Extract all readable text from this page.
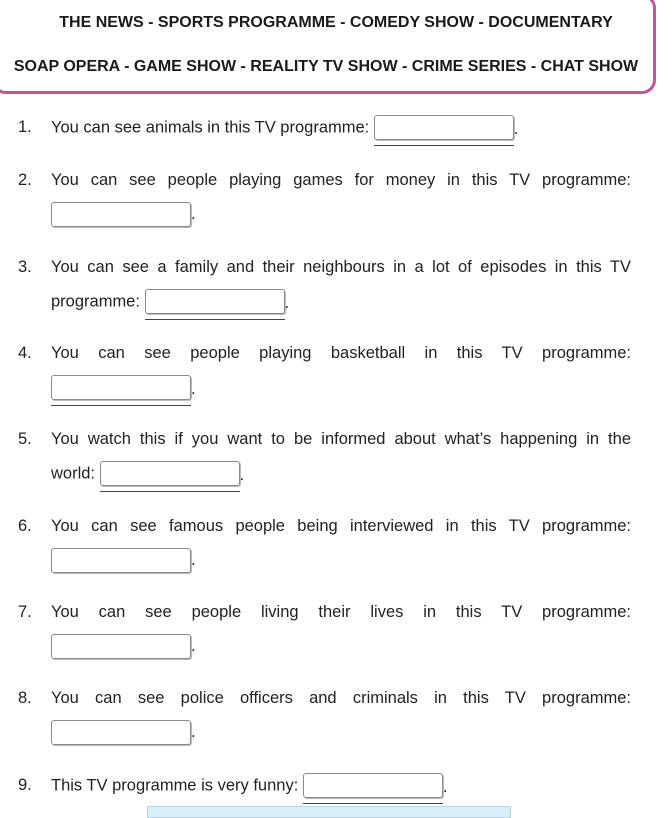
THE NEWS - SPORTS PROGRAMME - COMEDY SHOW - DOCUMENTARY
SOAP OPERA - GAME SHOW - REALITY TV SHOW - CRIME SERIES - CHAT SHOW
1. You can see animals in this TV programme:	.
2. You can see people playing games for money in this TV programme:
.
3. You can see a family and their neighbours in a lot of episodes in this TV
programme:	.
4. You can see people playing basketball in this TV programme:
.
5. You watch this if you want to be informed about what’s happening in the
world:	.
6. You can see famous people being interviewed in this TV programme:
.
7. You can see people living their lives in this TV programme:
.
8. You can see police officers and criminals in this TV programme:
.
9. This TV programme is very funny:	.
